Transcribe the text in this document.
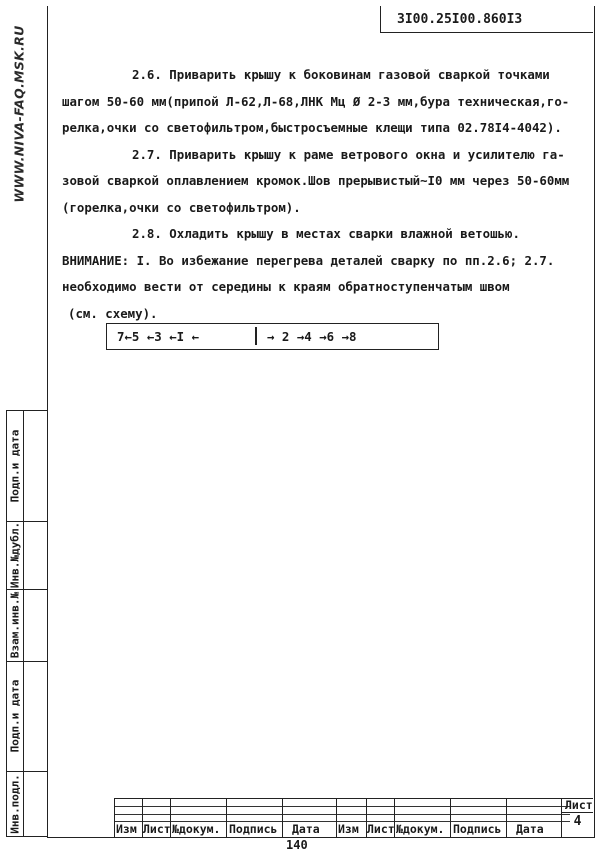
WWW.NIVA-FAQ.MSK.RU
3I00.25I00.860I3

2.6. Приварить крышу к боковинам газовой сваркой точками

шагом 50-60 мм(припой Л-62,Л-68,ЛНК Мц Ø 2-3 мм,бура техническая,го-

релка,очки со светофильтром,быстросъемные клещи типа 02.78I4-4042).

2.7. Приварить крышу к раме ветрового окна и усилителю га-

зовой сваркой оплавлением кромок.Шов прерывистый~I0 мм через 50-60мм

(горелка,очки со светофильтром).

2.8. Охладить крышу в местах сварки влажной ветошью.

ВНИМАНИЕ: I. Во избежание перегрева деталей сварку по пп.2.6; 2.7.

необходимо вести от середины к краям обратноступенчатым швом

(см. схему).

7←5 ←3 ←I ←	→ 2 →4 →6 →8
Подп.и дата
Инв.№дубл.
Взам.инв.№
Подп.и дата
Инв.подл.	Изм Лист №докум. Подпись Дата Изм Лист №докум. Подпись Дата
Лист
4
140
